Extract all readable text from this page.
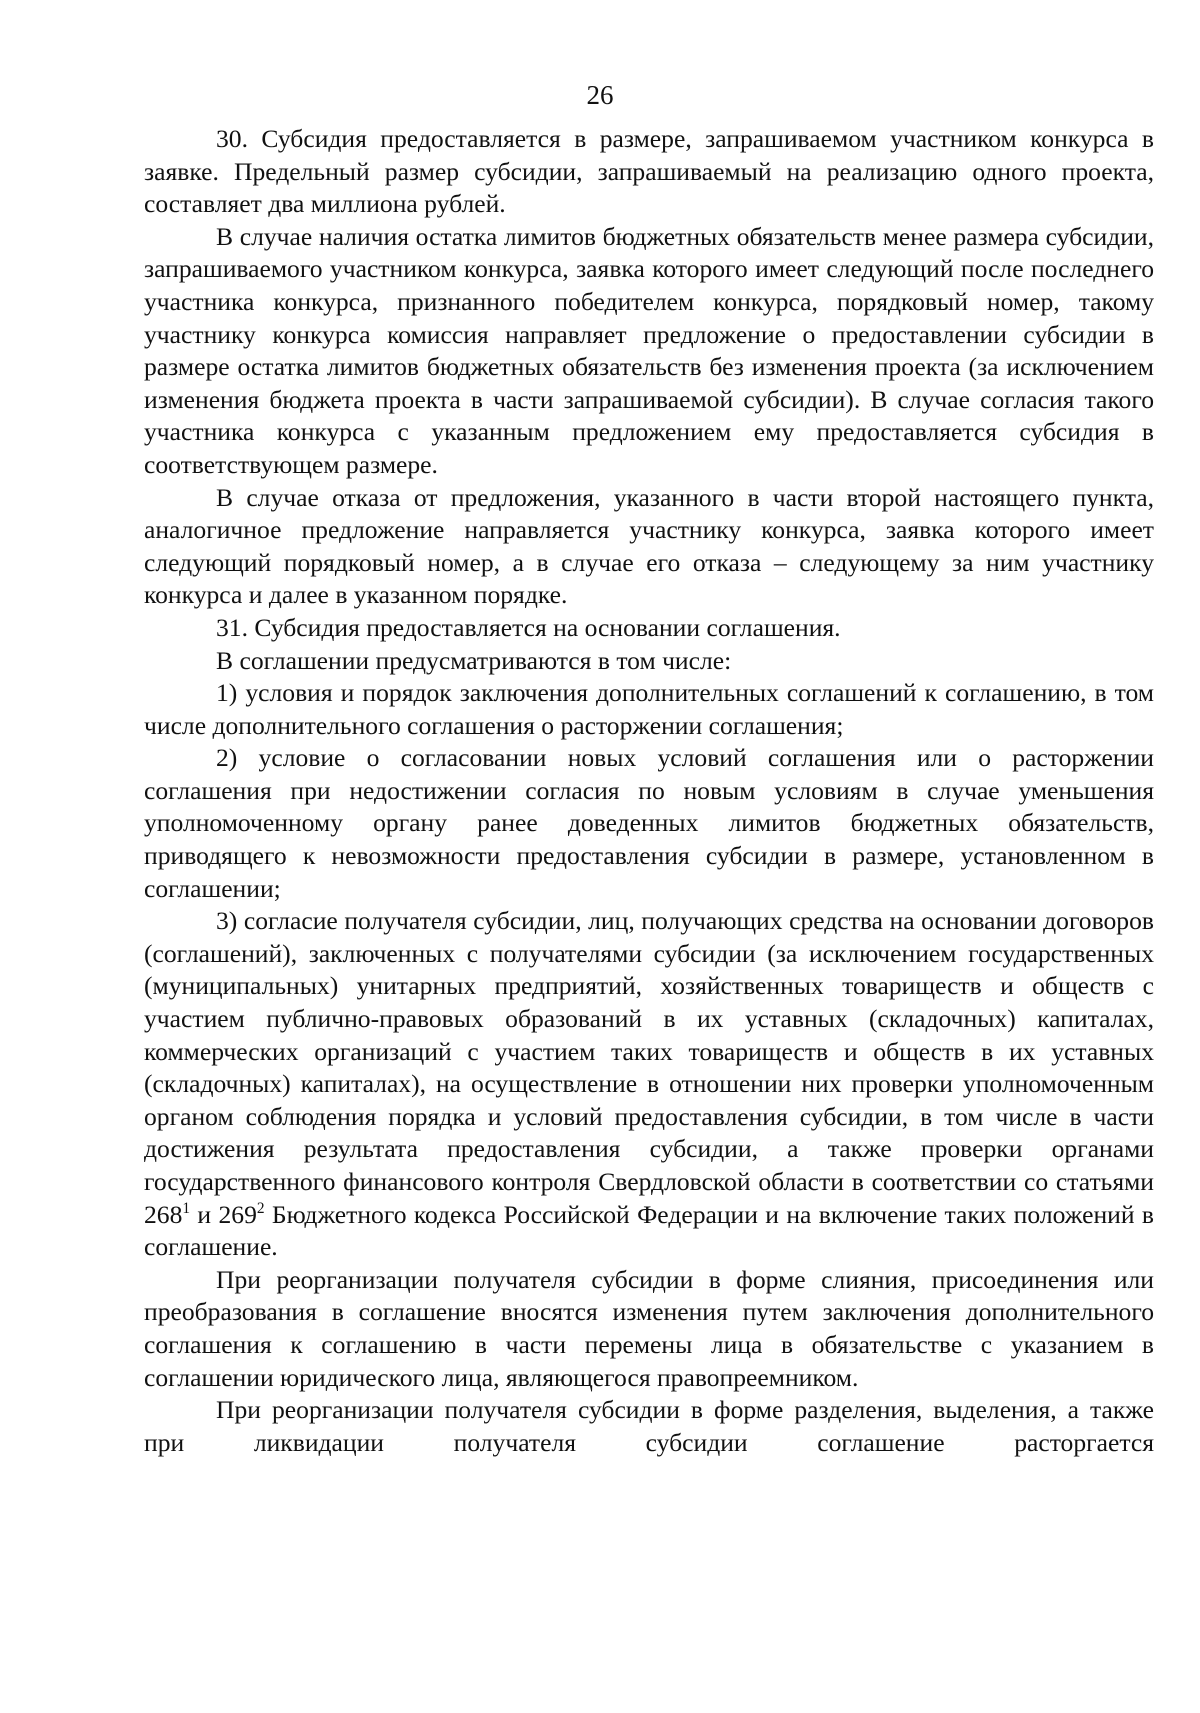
26

30. Субсидия предоставляется в размере, запрашиваемом участником конкурса в заявке. Предельный размер субсидии, запрашиваемый на реализацию одного проекта, составляет два миллиона рублей.

В случае наличия остатка лимитов бюджетных обязательств менее размера субсидии, запрашиваемого участником конкурса, заявка которого имеет следующий после последнего участника конкурса, признанного победителем конкурса, порядковый номер, такому участнику конкурса комиссия направляет предложение о предоставлении субсидии в размере остатка лимитов бюджетных обязательств без изменения проекта (за исключением изменения бюджета проекта в части запрашиваемой субсидии). В случае согласия такого участника конкурса с указанным предложением ему предоставляется субсидия в соответствующем размере.

В случае отказа от предложения, указанного в части второй настоящего пункта, аналогичное предложение направляется участнику конкурса, заявка которого имеет следующий порядковый номер, а в случае его отказа – следующему за ним участнику конкурса и далее в указанном порядке.

31. Субсидия предоставляется на основании соглашения.

В соглашении предусматриваются в том числе:

1) условия и порядок заключения дополнительных соглашений к соглашению, в том числе дополнительного соглашения о расторжении соглашения;

2) условие о согласовании новых условий соглашения или о расторжении соглашения при недостижении согласия по новым условиям в случае уменьшения уполномоченному органу ранее доведенных лимитов бюджетных обязательств, приводящего к невозможности предоставления субсидии в размере, установленном в соглашении;

3) согласие получателя субсидии, лиц, получающих средства на основании договоров (соглашений), заключенных с получателями субсидии (за исключением государственных (муниципальных) унитарных предприятий, хозяйственных товариществ и обществ с участием публично-правовых образований в их уставных (складочных) капиталах, коммерческих организаций с участием таких товариществ и обществ в их уставных (складочных) капиталах), на осуществление в отношении них проверки уполномоченным органом соблюдения порядка и условий предоставления субсидии, в том числе в части достижения результата предоставления субсидии, а также проверки органами государственного финансового контроля Свердловской области в соответствии со статьями $268^1$ и $269^2$ Бюджетного кодекса Российской Федерации и на включение таких положений в соглашение.

При реорганизации получателя субсидии в форме слияния, присоединения или преобразования в соглашение вносятся изменения путем заключения дополнительного соглашения к соглашению в части перемены лица в обязательстве с указанием в соглашении юридического лица, являющегося правопреемником.

При реорганизации получателя субсидии в форме разделения, выделения, а также при ликвидации получателя субсидии соглашение расторгается
